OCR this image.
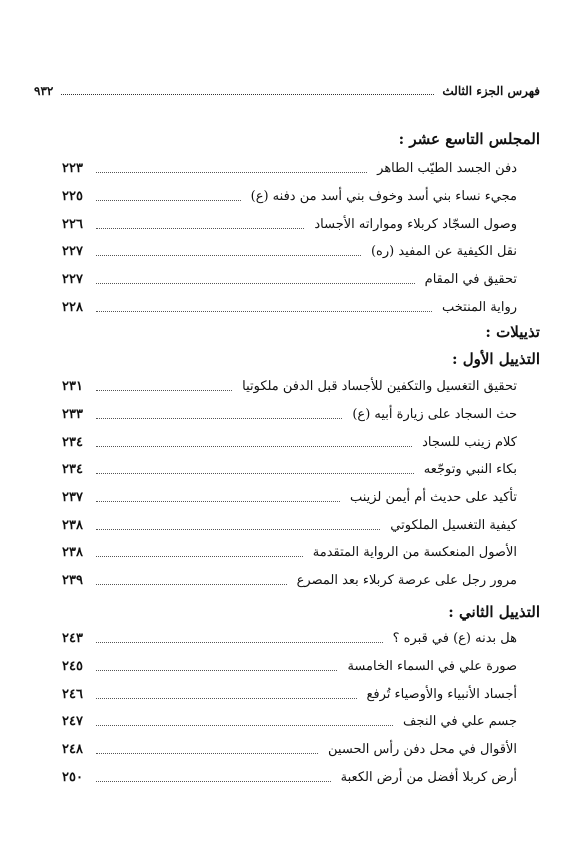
فهرس الجزء الثالث
٩٣٢
المجلس التاسع عشر :
دفن الجسد الطيّب الطاهر
٢٢٣
مجيء نساء بني أسد وخوف بني أسد من دفنه (ع)
٢٢٥
وصول السجّاد كربلاء ومواراته الأجساد
٢٢٦
نقل الكيفية عن المفيد (ره)
٢٢٧
تحقيق في المقام
٢٢٧
رواية المنتخب
٢٢٨
تذييلات :
التذييل الأول :
تحقيق التغسيل والتكفين للأجساد قبل الدفن ملكوتيا
٢٣١
حث السجاد على زيارة أبيه (ع)
٢٣٣
كلام زينب للسجاد
٢٣٤
بكاء النبي وتوجّعه
٢٣٤
تأكيد على حديث أم أيمن لزينب
٢٣٧
كيفية التغسيل الملكوتي
٢٣٨
الأصول المنعكسة من الرواية المتقدمة
٢٣٨
مرور رجل على عرصة كربلاء بعد المصرع
٢٣٩
التذييل الثاني :
هل بدنه (ع) في قبره ؟
٢٤٣
صورة علي في السماء الخامسة
٢٤٥
أجساد الأنبياء والأوصياء تُرفع
٢٤٦
جسم علي في النجف
٢٤٧
الأقوال في محل دفن رأس الحسين
٢٤٨
أرض كربلا أفضل من أرض الكعبة
٢٥٠
